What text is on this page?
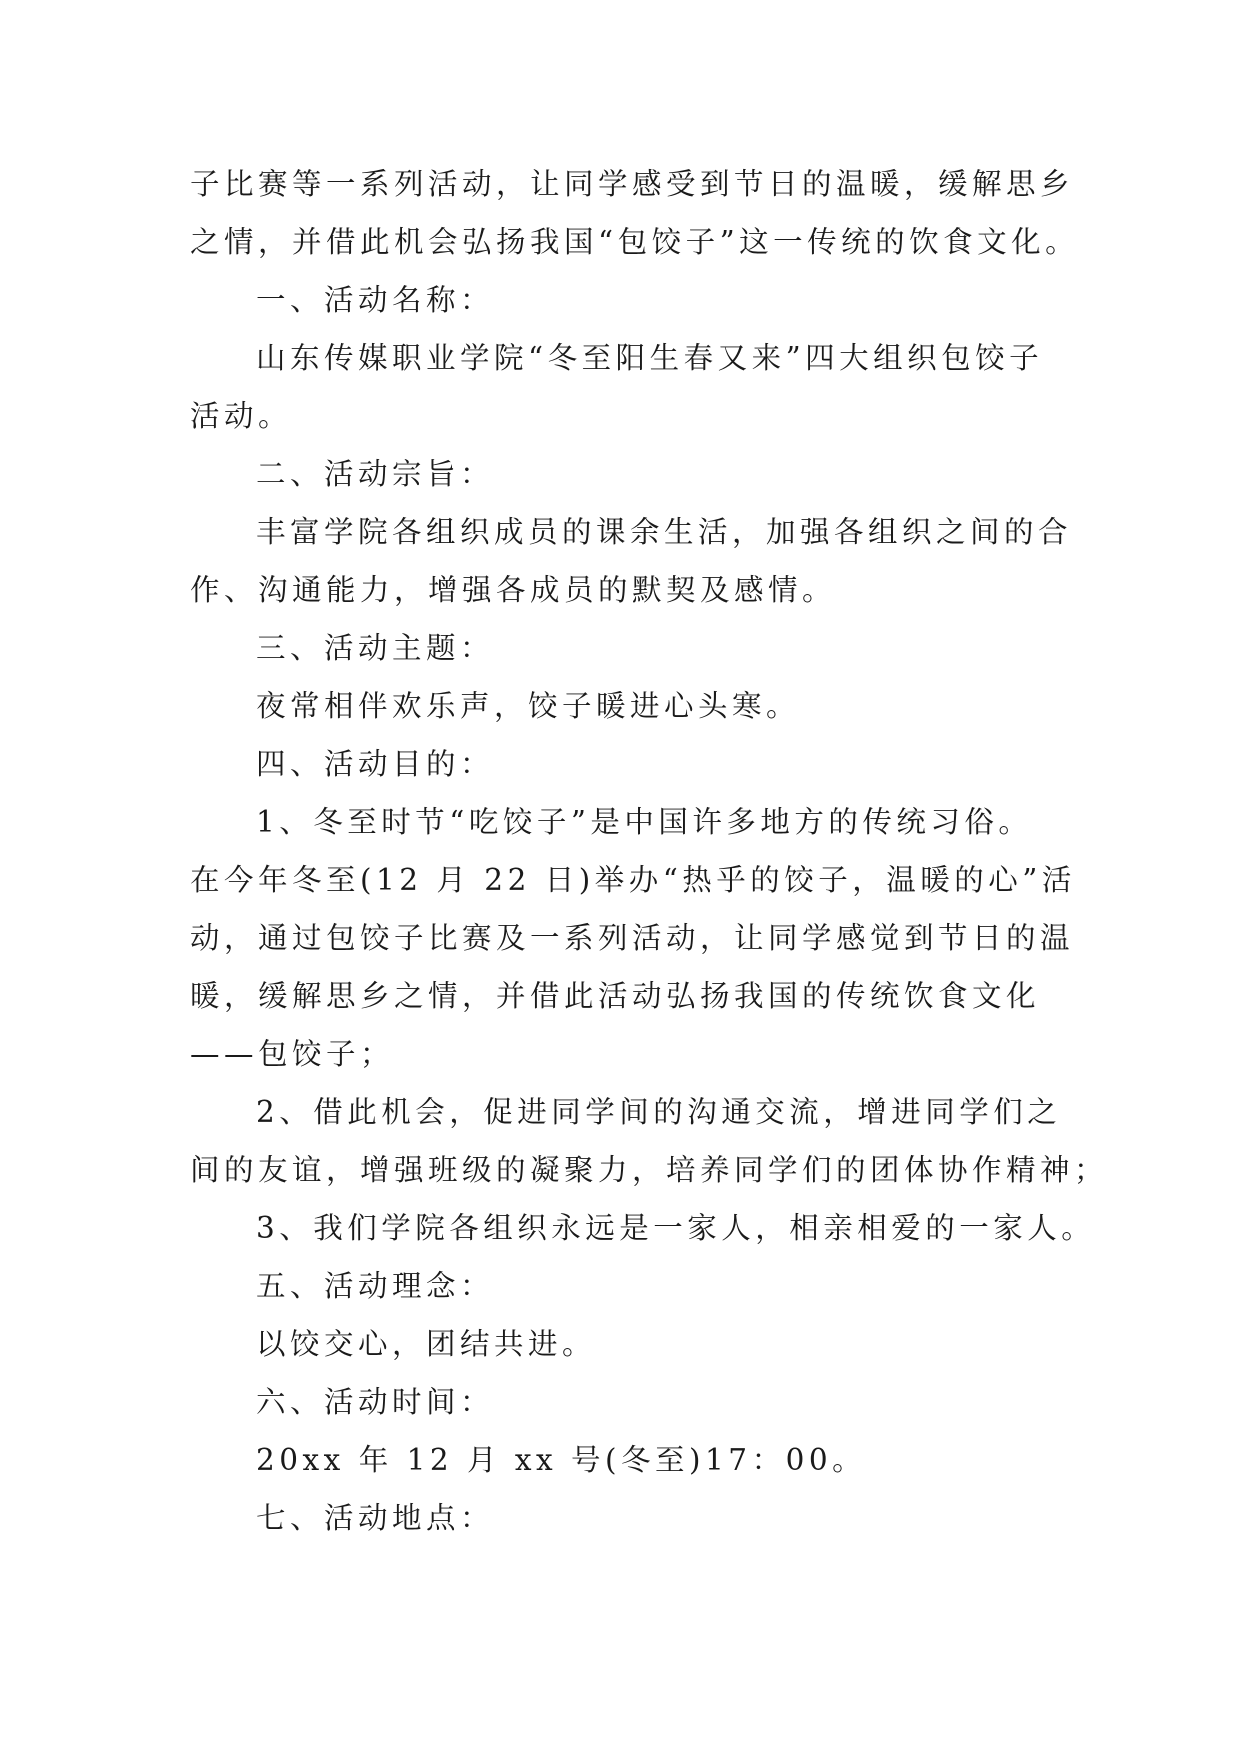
子比赛等一系列活动，让同学感受到节日的温暖，缓解思乡
之情，并借此机会弘扬我国“包饺子”这一传统的饮食文化。
一、活动名称：
山东传媒职业学院“冬至阳生春又来”四大组织包饺子
活动。
二、活动宗旨：
丰富学院各组织成员的课余生活，加强各组织之间的合
作、沟通能力，增强各成员的默契及感情。
三、活动主题：
夜常相伴欢乐声，饺子暖进心头寒。
四、活动目的：
1、冬至时节“吃饺子”是中国许多地方的传统习俗。
在今年冬至(12 月 22 日)举办“热乎的饺子，温暖的心”活
动，通过包饺子比赛及一系列活动，让同学感觉到节日的温
暖，缓解思乡之情，并借此活动弘扬我国的传统饮食文化
——包饺子；
2、借此机会，促进同学间的沟通交流，增进同学们之
间的友谊，增强班级的凝聚力，培养同学们的团体协作精神；
3、我们学院各组织永远是一家人，相亲相爱的一家人。
五、活动理念：
以饺交心，团结共进。
六、活动时间：
20xx 年 12 月 xx 号(冬至)17：00。
七、活动地点：
